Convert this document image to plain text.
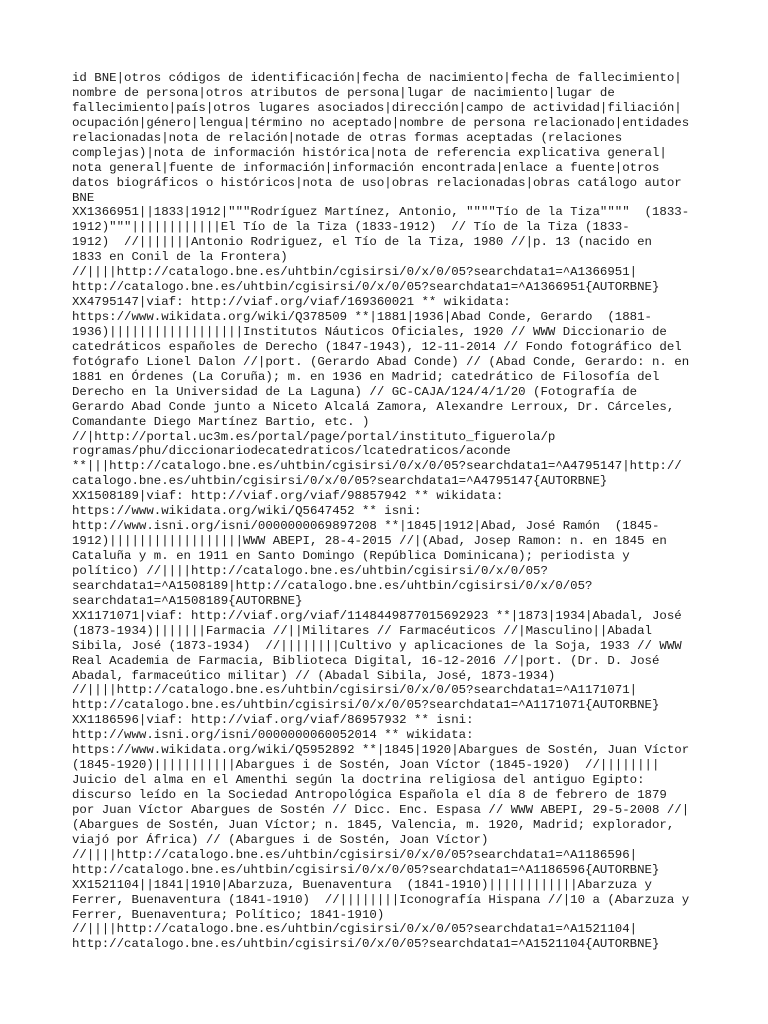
id BNE|otros códigos de identificación|fecha de nacimiento|fecha de fallecimiento|
nombre de persona|otros atributos de persona|lugar de nacimiento|lugar de
fallecimiento|país|otros lugares asociados|dirección|campo de actividad|filiación|
ocupación|género|lengua|término no aceptado|nombre de persona relacionado|entidades
relacionadas|nota de relación|notade de otras formas aceptadas (relaciones
complejas)|nota de información histórica|nota de referencia explicativa general|
nota general|fuente de información|información encontrada|enlace a fuente|otros
datos biográficos o históricos|nota de uso|obras relacionadas|obras catálogo autor
BNE
XX1366951||1833|1912|"""Rodríguez Martínez, Antonio, """"Tío de la Tiza""""  (1833-
1912)"""||||||||||||El Tío de la Tiza (1833-1912)  // Tío de la Tiza (1833-
1912)  //|||||||Antonio Rodriguez, el Tío de la Tiza, 1980 //|p. 13 (nacido en
1833 en Conil de la Frontera)
//||||http://catalogo.bne.es/uhtbin/cgisirsi/0/x/0/05?searchdata1=^A1366951|
http://catalogo.bne.es/uhtbin/cgisirsi/0/x/0/05?searchdata1=^A1366951{AUTORBNE}
XX4795147|viaf: http://viaf.org/viaf/169360021 ** wikidata:
https://www.wikidata.org/wiki/Q378509 **|1881|1936|Abad Conde, Gerardo  (1881-
1936)||||||||||||||||||Institutos Náuticos Oficiales, 1920 // WWW Diccionario de
catedráticos españoles de Derecho (1847-1943), 12-11-2014 // Fondo fotográfico del
fotógrafo Lionel Dalon //|port. (Gerardo Abad Conde) // (Abad Conde, Gerardo: n. en
1881 en Órdenes (La Coruña); m. en 1936 en Madrid; catedrático de Filosofía del
Derecho en la Universidad de La Laguna) // GC-CAJA/124/4/1/20 (Fotografía de
Gerardo Abad Conde junto a Niceto Alcalá Zamora, Alexandre Lerroux, Dr. Cárceles,
Comandante Diego Martínez Bartio, etc. )
//|http://portal.uc3m.es/portal/page/portal/instituto_figuerola/p
rogramas/phu/diccionariodecatedraticos/lcatedraticos/aconde
**|||http://catalogo.bne.es/uhtbin/cgisirsi/0/x/0/05?searchdata1=^A4795147|http://
catalogo.bne.es/uhtbin/cgisirsi/0/x/0/05?searchdata1=^A4795147{AUTORBNE}
XX1508189|viaf: http://viaf.org/viaf/98857942 ** wikidata:
https://www.wikidata.org/wiki/Q5647452 ** isni:
http://www.isni.org/isni/0000000069897208 **|1845|1912|Abad, José Ramón  (1845-
1912)||||||||||||||||||WWW ABEPI, 28-4-2015 //|(Abad, Josep Ramon: n. en 1845 en
Cataluña y m. en 1911 en Santo Domingo (República Dominicana); periodista y
político) //||||http://catalogo.bne.es/uhtbin/cgisirsi/0/x/0/05?
searchdata1=^A1508189|http://catalogo.bne.es/uhtbin/cgisirsi/0/x/0/05?
searchdata1=^A1508189{AUTORBNE}
XX1171071|viaf: http://viaf.org/viaf/1148449877015692923 **|1873|1934|Abadal, José
(1873-1934)|||||||Farmacia //||Militares // Farmacéuticos //|Masculino||Abadal
Sibila, José (1873-1934)  //||||||||Cultivo y aplicaciones de la Soja, 1933 // WWW
Real Academia de Farmacia, Biblioteca Digital, 16-12-2016 //|port. (Dr. D. José
Abadal, farmaceútico militar) // (Abadal Sibila, José, 1873-1934)
//||||http://catalogo.bne.es/uhtbin/cgisirsi/0/x/0/05?searchdata1=^A1171071|
http://catalogo.bne.es/uhtbin/cgisirsi/0/x/0/05?searchdata1=^A1171071{AUTORBNE}
XX1186596|viaf: http://viaf.org/viaf/86957932 ** isni:
http://www.isni.org/isni/0000000060052014 ** wikidata:
https://www.wikidata.org/wiki/Q5952892 **|1845|1920|Abargues de Sostén, Juan Víctor
(1845-1920)|||||||||||Abargues i de Sostén, Joan Víctor (1845-1920)  //||||||||
Juicio del alma en el Amenthi según la doctrina religiosa del antiguo Egipto:
discurso leído en la Sociedad Antropológica Española el día 8 de febrero de 1879
por Juan Víctor Abargues de Sostén // Dicc. Enc. Espasa // WWW ABEPI, 29-5-2008 //|
(Abargues de Sostén, Juan Víctor; n. 1845, Valencia, m. 1920, Madrid; explorador,
viajó por África) // (Abargues i de Sostén, Joan Víctor)
//||||http://catalogo.bne.es/uhtbin/cgisirsi/0/x/0/05?searchdata1=^A1186596|
http://catalogo.bne.es/uhtbin/cgisirsi/0/x/0/05?searchdata1=^A1186596{AUTORBNE}
XX1521104||1841|1910|Abarzuza, Buenaventura  (1841-1910)||||||||||||Abarzuza y
Ferrer, Buenaventura (1841-1910)  //||||||||Iconografía Hispana //|10 a (Abarzuza y
Ferrer, Buenaventura; Político; 1841-1910)
//||||http://catalogo.bne.es/uhtbin/cgisirsi/0/x/0/05?searchdata1=^A1521104|
http://catalogo.bne.es/uhtbin/cgisirsi/0/x/0/05?searchdata1=^A1521104{AUTORBNE}
